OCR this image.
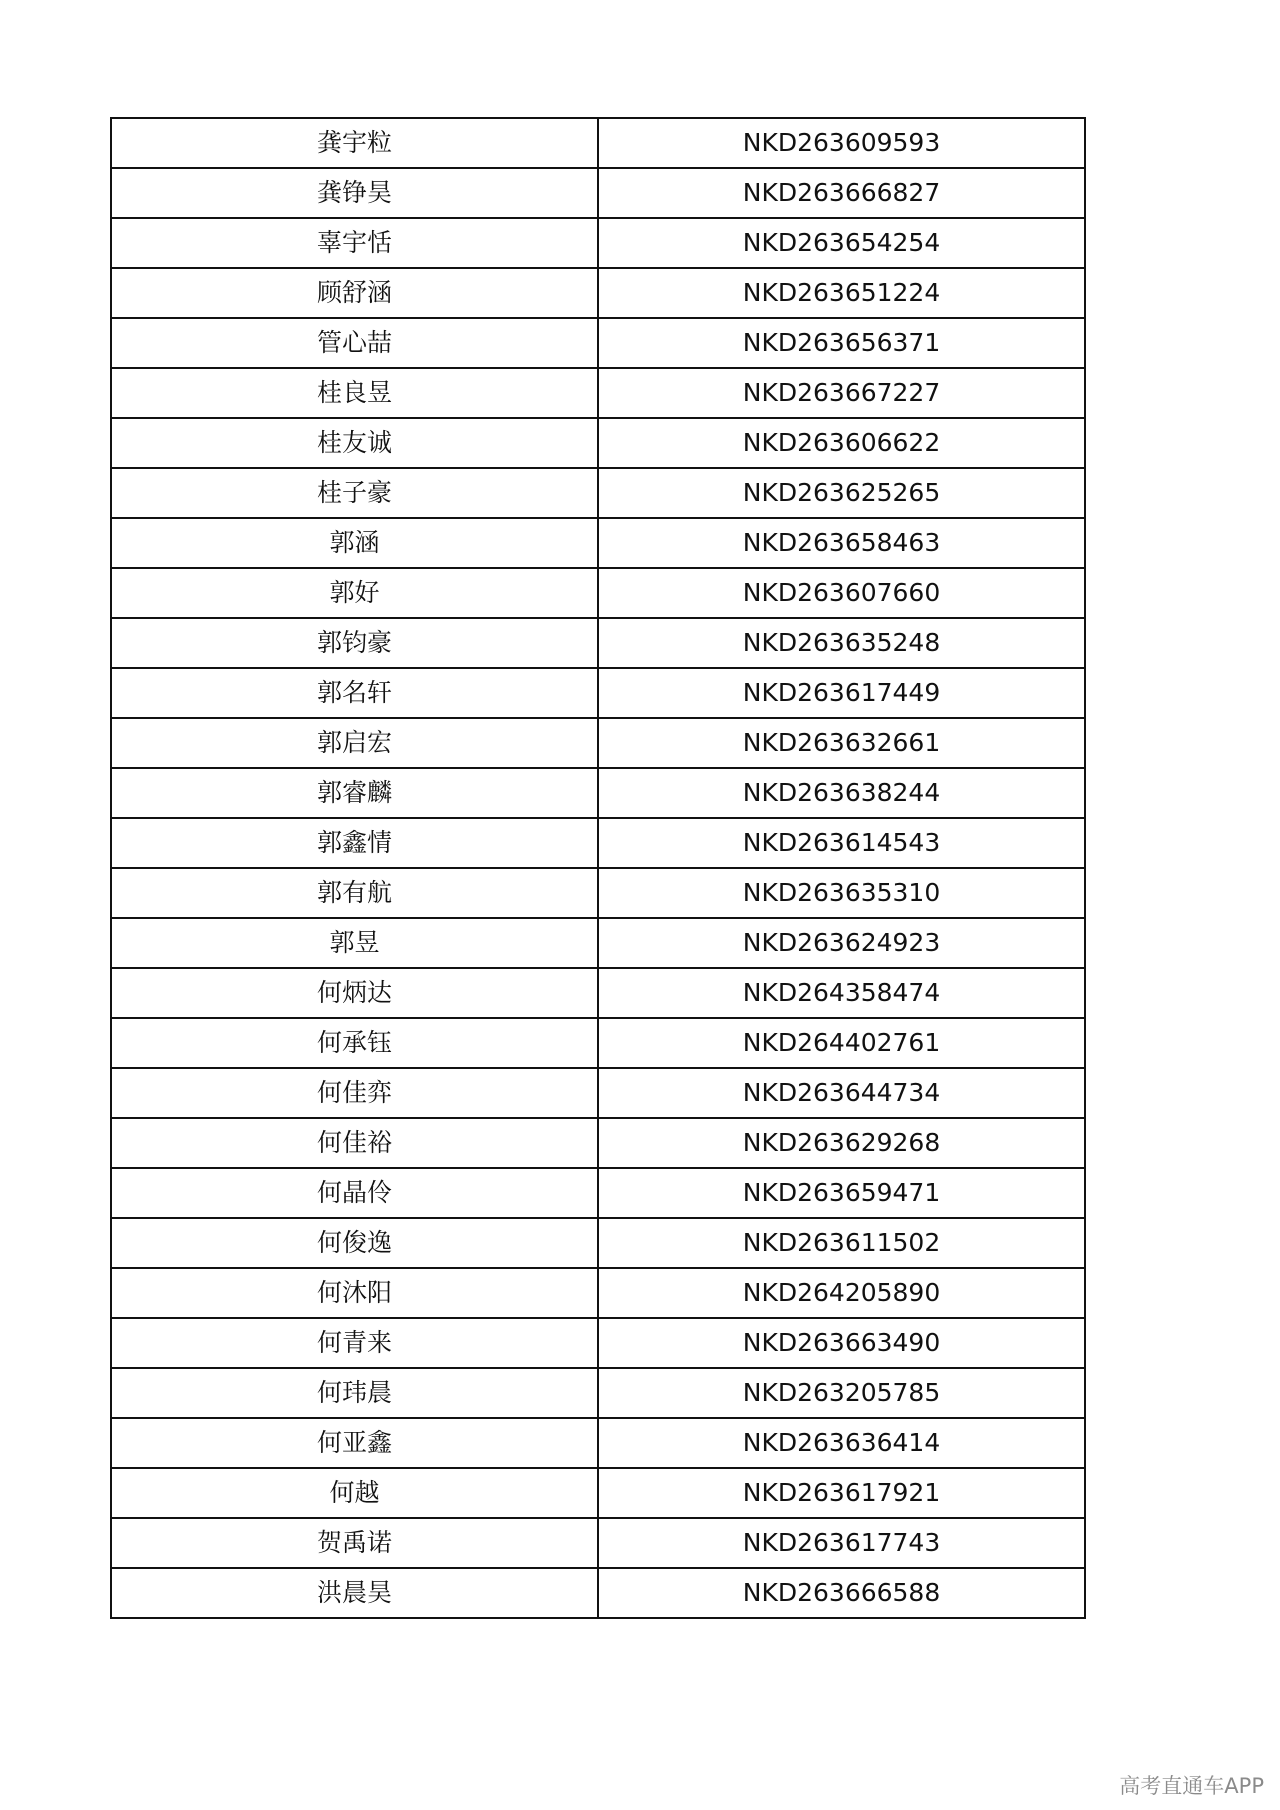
龚宇粒	NKD263609593
龚铮昊	NKD263666827
辜宇恬	NKD263654254
顾舒涵	NKD263651224
管心喆	NKD263656371
桂良昱	NKD263667227
桂友诚	NKD263606622
桂子豪	NKD263625265
郭涵	NKD263658463
郭好	NKD263607660
郭钧豪	NKD263635248
郭名轩	NKD263617449
郭启宏	NKD263632661
郭睿麟	NKD263638244
郭鑫情	NKD263614543
郭有航	NKD263635310
郭昱	NKD263624923
何炳达	NKD264358474
何承钰	NKD264402761
何佳弈	NKD263644734
何佳裕	NKD263629268
何晶伶	NKD263659471
何俊逸	NKD263611502
何沐阳	NKD264205890
何青来	NKD263663490
何玮晨	NKD263205785
何亚鑫	NKD263636414
何越	NKD263617921
贺禹诺	NKD263617743
洪晨昊	NKD263666588
高考直通车APP
